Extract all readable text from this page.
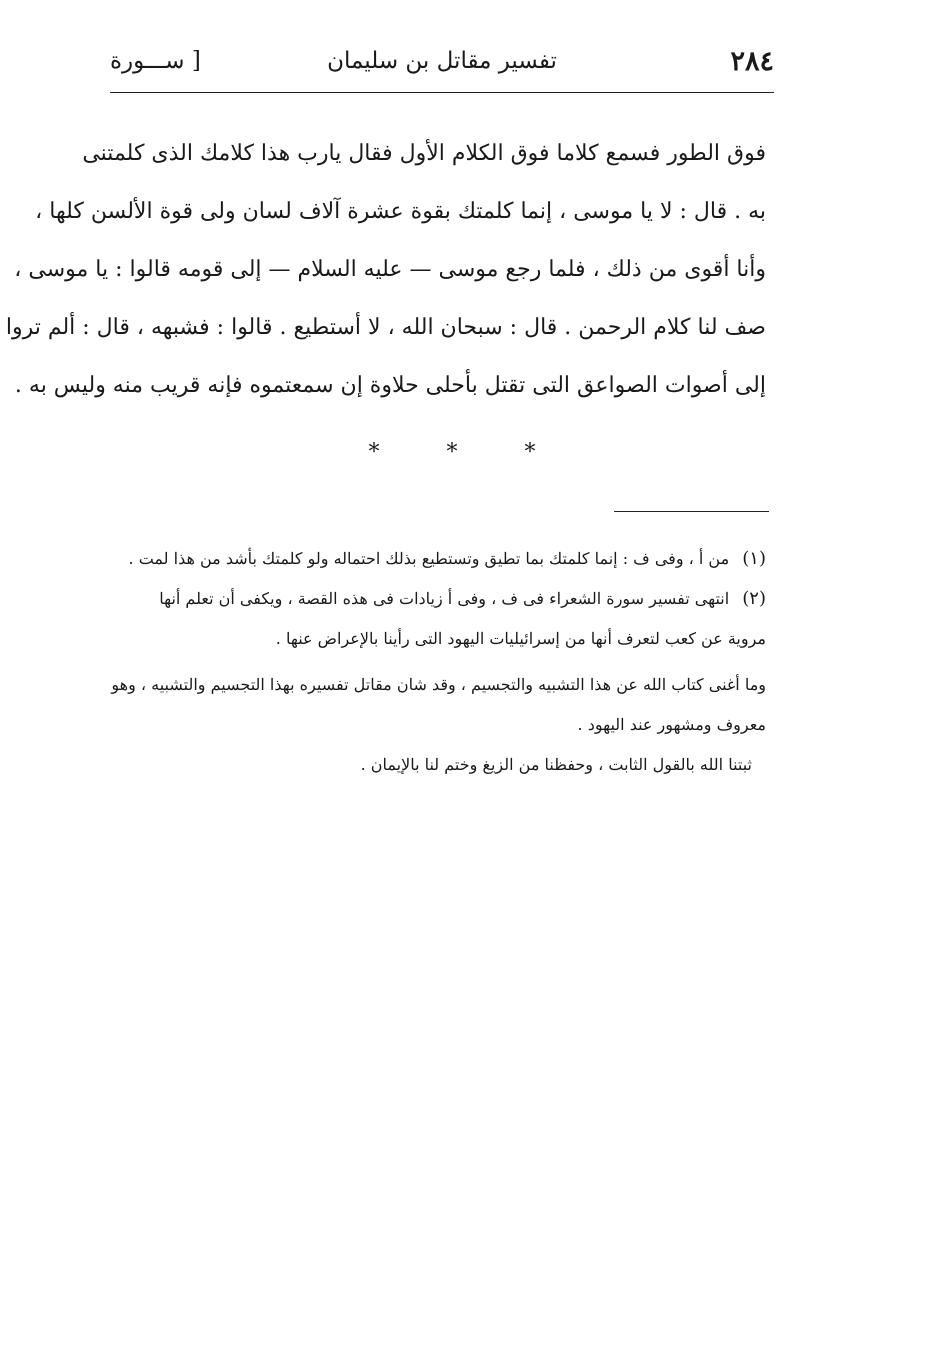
٢٨٤
تفسير مقاتل بن سليمان
[ ســـورة
فوق الطور فسمع كلاما فوق الكلام الأول فقال يارب هذا كلامك الذى كلمتنى
به . قال : لا يا موسى ، إنما كلمتك بقوة عشرة آلاف لسان ولى قوة الألسن كلها ،
وأنا أقوى من ذلك ، فلما رجع موسى — عليه السلام — إلى قومه قالوا : يا موسى ،
صف لنا كلام الرحمن . قال : سبحان الله ، لا أستطيع . قالوا : فشبهه ، قال : ألم تروا
إلى أصوات الصواعق التى تقتل بأحلى حلاوة إن سمعتموه فإنه قريب منه وليس به .
* * *
(١) من أ ، وفى ف : إنما كلمتك بما تطيق وتستطيع بذلك احتماله ولو كلمتك بأشد من هذا لمت .
(٢) انتهى تفسير سورة الشعراء فى ف ، وفى أ زيادات فى هذه القصة ، ويكفى أن تعلم أنها
مروية عن كعب لتعرف أنها من إسرائيليات اليهود التى رأينا بالإعراض عنها .
وما أغنى كتاب الله عن هذا التشبيه والتجسيم ، وقد شان مقاتل تفسيره بهذا التجسيم والتشبيه ، وهو
معروف ومشهور عند اليهود .
ثبتنا الله بالقول الثابت ، وحفظنا من الزيغ وختم لنا بالإيمان .
